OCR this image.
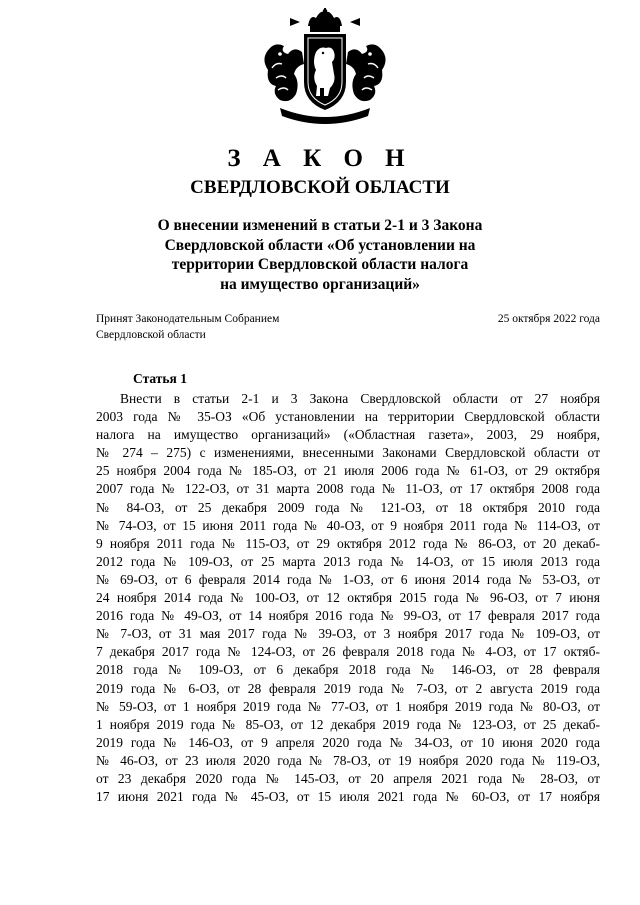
З А К О Н
СВЕРДЛОВСКОЙ ОБЛАСТИ
О внесении изменений в статьи 2-1 и 3 Закона
Свердловской области «Об установлении на
территории Свердловской области налога
на имущество организаций»
Принят Законодательным Собранием
Свердловской области
25 октября 2022 года
Статья 1
Внести в статьи 2-1 и 3 Закона Свердловской области от 27 ноября
2003 года № 35-ОЗ «Об установлении на территории Свердловской области
налога на имущество организаций» («Областная газета», 2003, 29 ноября,
№ 274 – 275) с изменениями, внесенными Законами Свердловской области от
25 ноября 2004 года № 185-ОЗ, от 21 июля 2006 года № 61-ОЗ, от 29 октября
2007 года № 122-ОЗ, от 31 марта 2008 года № 11-ОЗ, от 17 октября 2008 года
№ 84-ОЗ, от 25 декабря 2009 года № 121-ОЗ, от 18 октября 2010 года
№ 74-ОЗ, от 15 июня 2011 года № 40-ОЗ, от 9 ноября 2011 года № 114-ОЗ, от
9 ноября 2011 года № 115-ОЗ, от 29 октября 2012 года № 86-ОЗ, от 20 декаб-
2012 года № 109-ОЗ, от 25 марта 2013 года № 14-ОЗ, от 15 июля 2013 года
№ 69-ОЗ, от 6 февраля 2014 года № 1-ОЗ, от 6 июня 2014 года № 53-ОЗ, от
24 ноября 2014 года № 100-ОЗ, от 12 октября 2015 года № 96-ОЗ, от 7 июня
2016 года № 49-ОЗ, от 14 ноября 2016 года № 99-ОЗ, от 17 февраля 2017 года
№ 7-ОЗ, от 31 мая 2017 года № 39-ОЗ, от 3 ноября 2017 года № 109-ОЗ, от
7 декабря 2017 года № 124-ОЗ, от 26 февраля 2018 года № 4-ОЗ, от 17 октяб-
2018 года № 109-ОЗ, от 6 декабря 2018 года № 146-ОЗ, от 28 февраля
2019 года № 6-ОЗ, от 28 февраля 2019 года № 7-ОЗ, от 2 августа 2019 года
№ 59-ОЗ, от 1 ноября 2019 года № 77-ОЗ, от 1 ноября 2019 года № 80-ОЗ, от
1 ноября 2019 года № 85-ОЗ, от 12 декабря 2019 года № 123-ОЗ, от 25 декаб-
2019 года № 146-ОЗ, от 9 апреля 2020 года № 34-ОЗ, от 10 июня 2020 года
№ 46-ОЗ, от 23 июля 2020 года № 78-ОЗ, от 19 ноября 2020 года № 119-ОЗ,
от 23 декабря 2020 года № 145-ОЗ, от 20 апреля 2021 года № 28-ОЗ, от
17 июня 2021 года № 45-ОЗ, от 15 июля 2021 года № 60-ОЗ, от 17 ноября
